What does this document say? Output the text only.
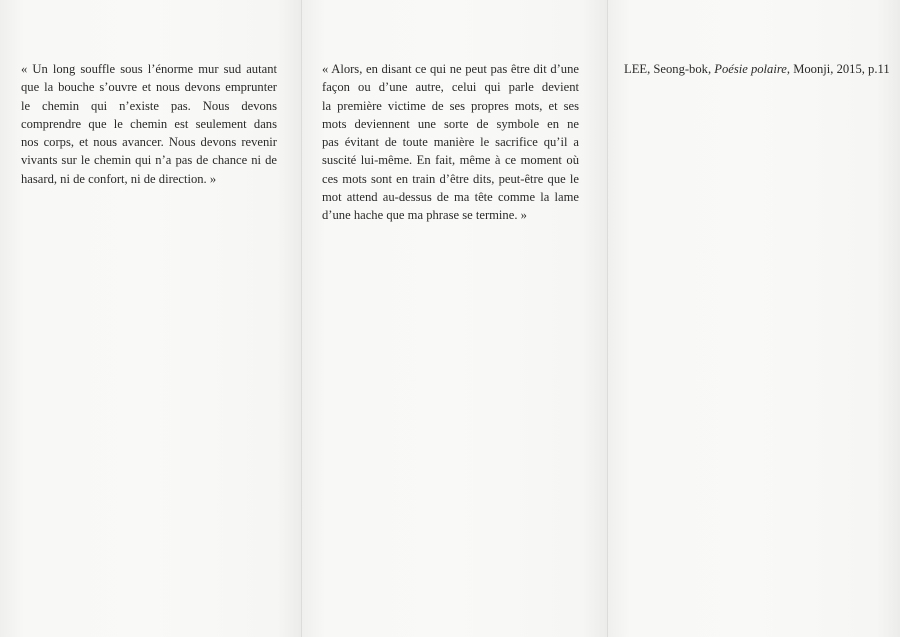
« Un long souffle sous l’énorme mur sud autant
que la bouche s’ouvre et nous devons emprunter
le chemin qui n’existe pas. Nous devons
comprendre que le chemin est seulement dans
nos corps, et nous avancer. Nous devons revenir
vivants sur le chemin qui n’a pas de chance ni de
hasard, ni de confort, ni de direction. »
« Alors, en disant ce qui ne peut pas être dit d’une
façon ou d’une autre, celui qui parle devient
la première victime de ses propres mots, et ses
mots deviennent une sorte de symbole en ne
pas évitant de toute manière le sacrifice qu’il a
suscité lui-même. En fait, même à ce moment où
ces mots sont en train d’être dits, peut-être que le
mot attend au-dessus de ma tête comme la lame
d’une hache que ma phrase se termine. »
LEE, Seong-bok, Poésie polaire, Moonji, 2015, p.11
